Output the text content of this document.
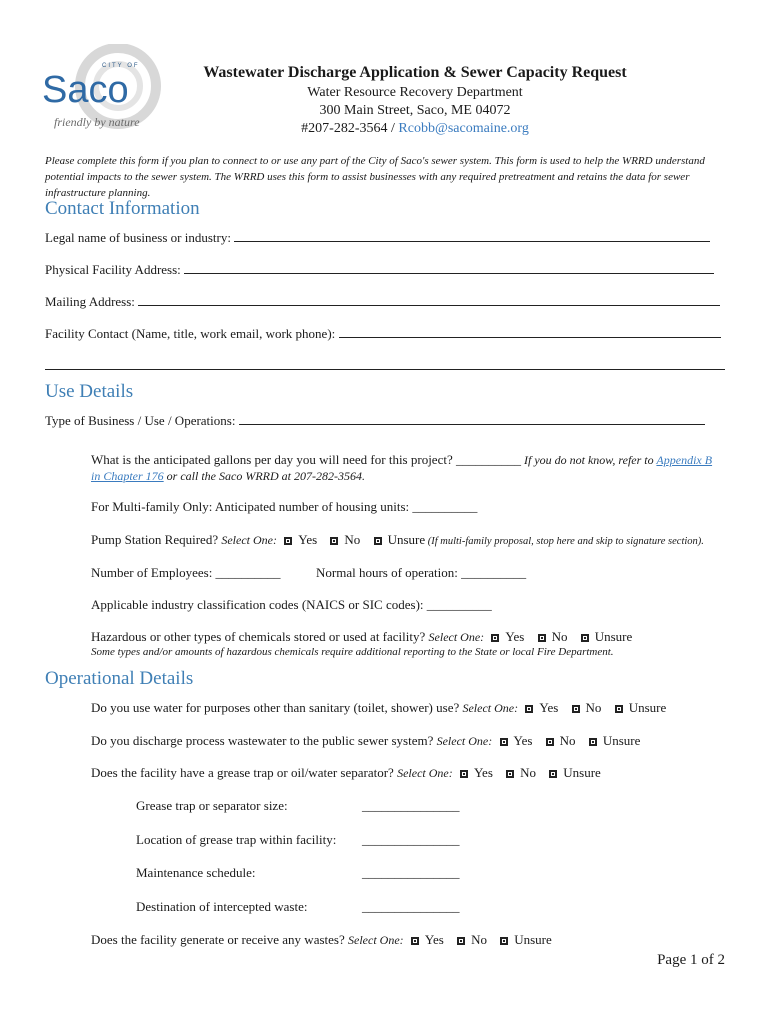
CITY OF
Saco
friendly by nature
Wastewater Discharge Application & Sewer Capacity Request
Water Resource Recovery Department
300 Main Street, Saco, ME 04072
#207-282-3564 / Rcobb@sacomaine.org
Please complete this form if you plan to connect to or use any part of the City of Saco's sewer system. This form is used to help the WRRD understand potential impacts to the sewer system. The WRRD uses this form to assist businesses with any required pretreatment and retains the data for sewer infrastructure planning.
Contact Information
Legal name of business or industry:
Physical Facility Address:
Mailing Address:
Facility Contact (Name, title, work email, work phone):
Use Details
Type of Business / Use / Operations:
What is the anticipated gallons per day you will need for this project? __________ If you do not know, refer to Appendix B
in Chapter 176 or call the Saco WRRD at 207-282-3564.
For Multi-family Only: Anticipated number of housing units: __________
Pump Station Required? Select One: Yes No Unsure (If multi-family proposal, stop here and skip to signature section).
Number of Employees: __________	Normal hours of operation: __________
Applicable industry classification codes (NAICS or SIC codes): __________
Hazardous or other types of chemicals stored or used at facility? Select One: Yes No Unsure
Some types and/or amounts of hazardous chemicals require additional reporting to the State or local Fire Department.
Operational Details
Do you use water for purposes other than sanitary (toilet, shower) use? Select One: Yes No Unsure
Do you discharge process wastewater to the public sewer system? Select One: Yes No Unsure
Does the facility have a grease trap or oil/water separator? Select One: Yes No Unsure
Grease trap or separator size:	_______________
Location of grease trap within facility: _______________
Maintenance schedule:	_______________
Destination of intercepted waste:	_______________
Does the facility generate or receive any wastes? Select One: Yes No Unsure
Page 1 of 2
